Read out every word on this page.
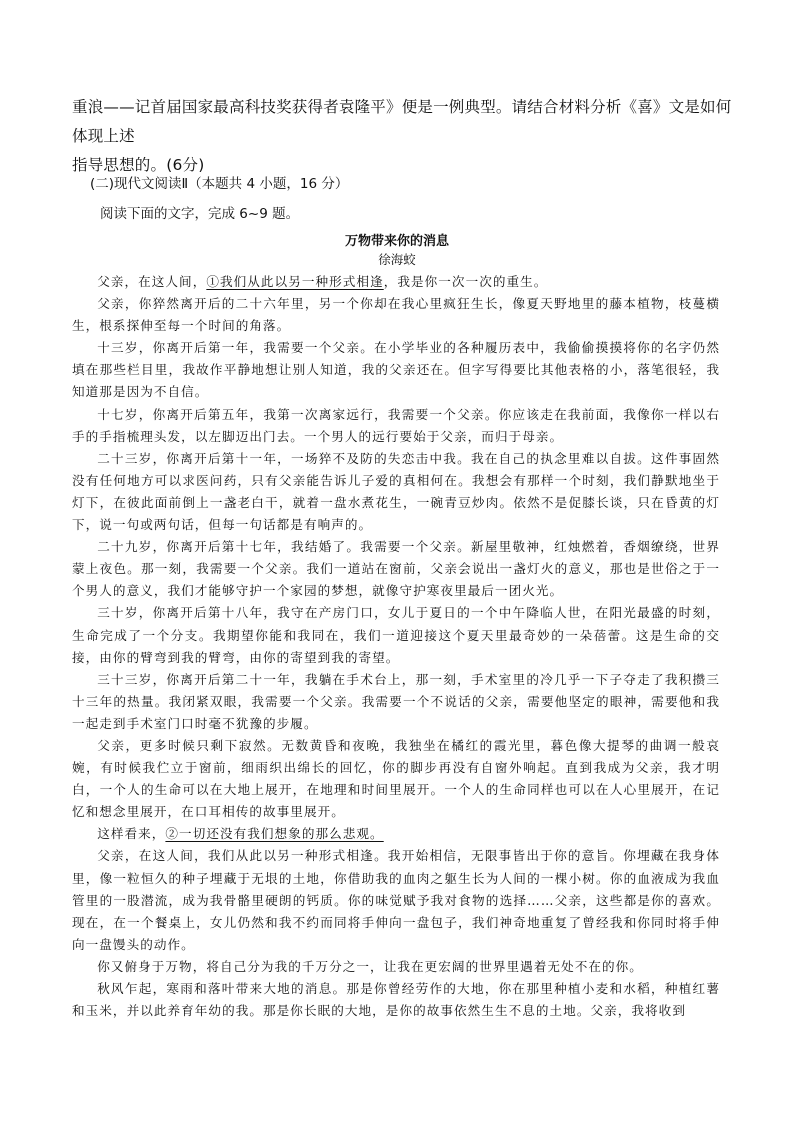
重浪——记首届国家最高科技奖获得者袁隆平》便是一例典型。请结合材料分析《喜》文是如何体现上述
指导思想的。(6分)
(二)现代文阅读Ⅱ（本题共 4 小题，16 分）
阅读下面的文字，完成 6~9 题。
万物带来你的消息
徐海蛟

父亲，在这人间，①我们从此以另一种形式相逢，我是你一次一次的重生。

父亲，你猝然离开后的二十六年里，另一个你却在我心里疯狂生长，像夏天野地里的藤本植物，枝蔓横生，根系探伸至每一个时间的角落。

十三岁，你离开后第一年，我需要一个父亲。在小学毕业的各种履历表中，我偷偷摸摸将你的名字仍然填在那些栏目里，我故作平静地想让别人知道，我的父亲还在。但字写得要比其他表格的小，落笔很轻，我知道那是因为不自信。

十七岁，你离开后第五年，我第一次离家远行，我需要一个父亲。你应该走在我前面，我像你一样以右手的手指梳理头发，以左脚迈出门去。一个男人的远行要始于父亲，而归于母亲。

二十三岁，你离开后第十一年，一场猝不及防的失恋击中我。我在自己的执念里难以自拔。这件事固然没有任何地方可以求医问药，只有父亲能告诉儿子爱的真相何在。我想会有那样一个时刻，我们静默地坐于灯下，在彼此面前倒上一盏老白干，就着一盘水煮花生，一碗青豆炒肉。依然不是促膝长谈，只在昏黄的灯下，说一句或两句话，但每一句话都是有响声的。

二十九岁，你离开后第十七年，我结婚了。我需要一个父亲。新屋里敬神，红烛燃着，香烟缭绕，世界蒙上夜色。那一刻，我需要一个父亲。我们一道站在窗前，父亲会说出一盏灯火的意义，那也是世俗之于一个男人的意义，我们才能够守护一个家园的梦想，就像守护寒夜里最后一团火光。

三十岁，你离开后第十八年，我守在产房门口，女儿于夏日的一个中午降临人世，在阳光最盛的时刻，生命完成了一个分支。我期望你能和我同在，我们一道迎接这个夏天里最奇妙的一朵蓓蕾。这是生命的交接，由你的臂弯到我的臂弯，由你的寄望到我的寄望。

三十三岁，你离开后第二十一年，我躺在手术台上，那一刻，手术室里的冷几乎一下子夺走了我积攒三十三年的热量。我闭紧双眼，我需要一个父亲。我需要一个不说话的父亲，需要他坚定的眼神，需要他和我一起走到手术室门口时毫不犹豫的步履。

父亲，更多时候只剩下寂然。无数黄昏和夜晚，我独坐在橘红的霞光里，暮色像大提琴的曲调一般哀婉，有时候我伫立于窗前，细雨织出绵长的回忆，你的脚步再没有自窗外响起。直到我成为父亲，我才明白，一个人的生命可以在大地上展开，在地理和时间里展开。一个人的生命同样也可以在人心里展开，在记忆和想念里展开，在口耳相传的故事里展开。

这样看来，②一切还没有我们想象的那么悲观。

父亲，在这人间，我们从此以另一种形式相逢。我开始相信，无限事皆出于你的意旨。你埋藏在我身体里，像一粒恒久的种子埋藏于无垠的土地，你借助我的血肉之躯生长为人间的一棵小树。你的血液成为我血管里的一股潜流，成为我骨骼里硬朗的钙质。你的味觉赋予我对食物的选择……父亲，这些都是你的喜欢。现在，在一个餐桌上，女儿仍然和我不约而同将手伸向一盘包子，我们神奇地重复了曾经我和你同时将手伸向一盘馒头的动作。

你又俯身于万物，将自己分为我的千万分之一，让我在更宏阔的世界里遇着无处不在的你。

秋风乍起，寒雨和落叶带来大地的消息。那是你曾经劳作的大地，你在那里种植小麦和水稻，种植红薯和玉米，并以此养育年幼的我。那是你长眠的大地，是你的故事依然生生不息的土地。父亲，我将收到
